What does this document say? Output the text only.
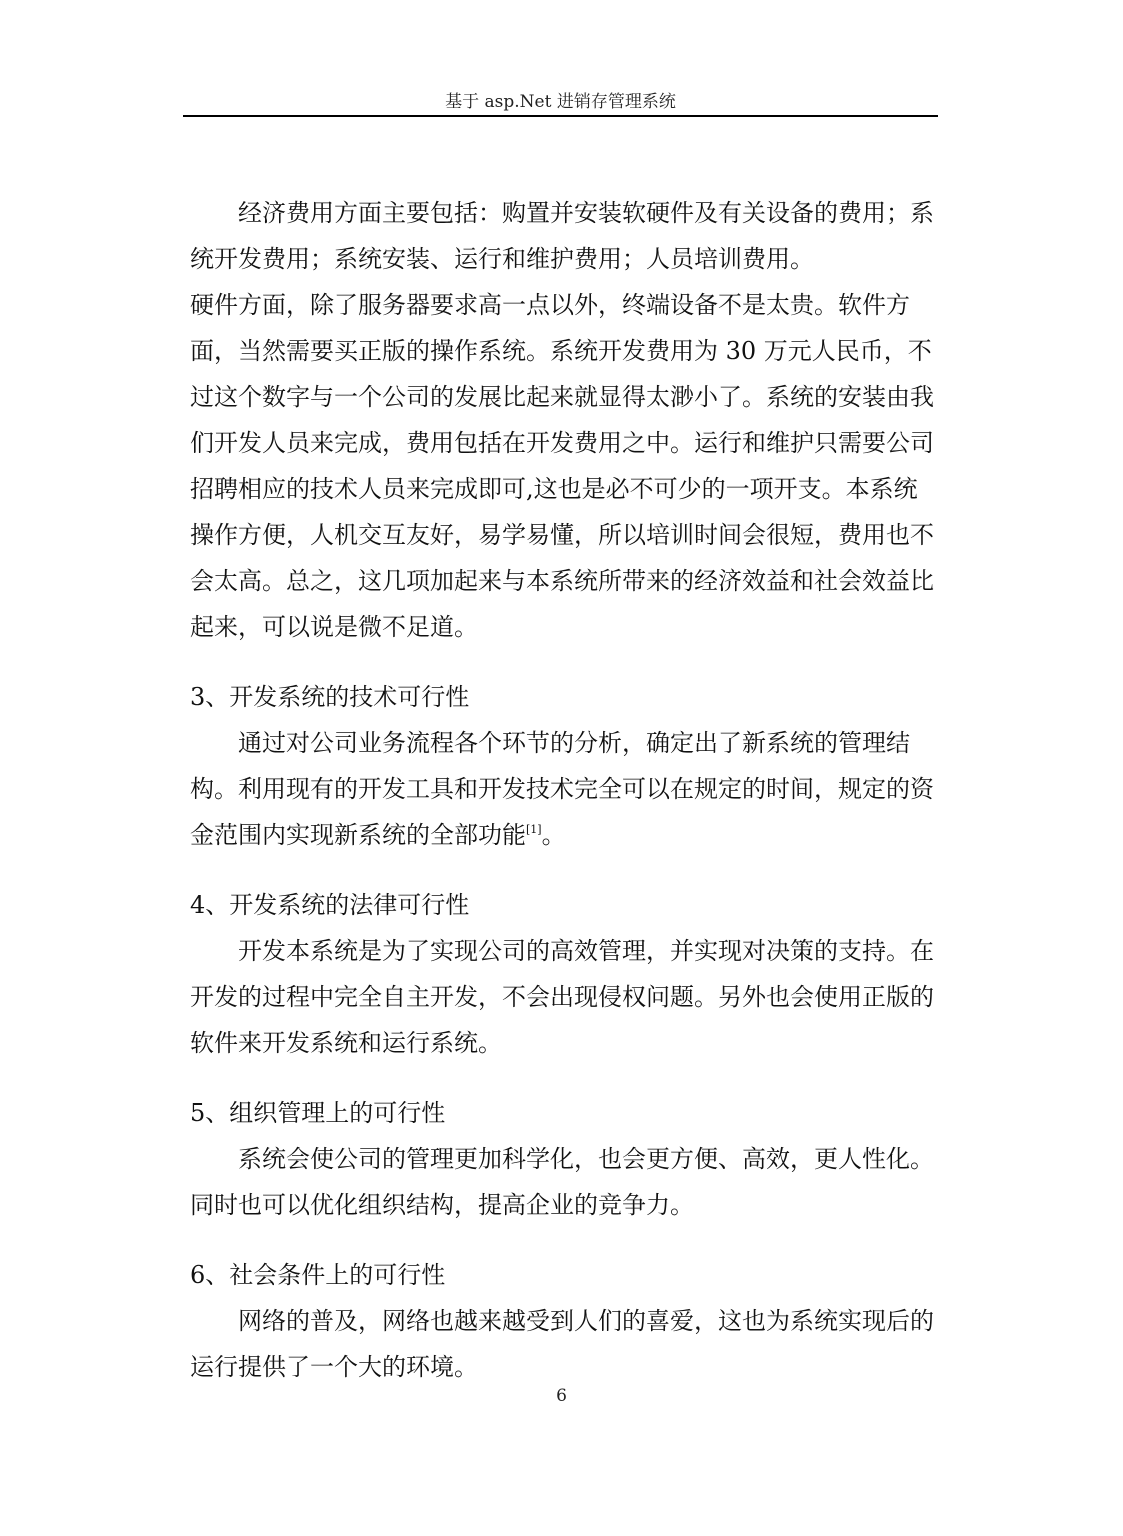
基于 asp.Net 进销存管理系统

经济费用方面主要包括：购置并安装软硬件及有关设备的费用；系统开发费用；系统安装、运行和维护费用；人员培训费用。

硬件方面，除了服务器要求高一点以外，终端设备不是太贵。软件方面，当然需要买正版的操作系统。系统开发费用为 30 万元人民币，不过这个数字与一个公司的发展比起来就显得太渺小了。系统的安装由我们开发人员来完成，费用包括在开发费用之中。运行和维护只需要公司招聘相应的技术人员来完成即可,这也是必不可少的一项开支。本系统操作方便，人机交互友好，易学易懂，所以培训时间会很短，费用也不会太高。总之，这几项加起来与本系统所带来的经济效益和社会效益比起来，可以说是微不足道。

3、开发系统的技术可行性

通过对公司业务流程各个环节的分析，确定出了新系统的管理结构。利用现有的开发工具和开发技术完全可以在规定的时间，规定的资金范围内实现新系统的全部功能[1]。

4、开发系统的法律可行性

开发本系统是为了实现公司的高效管理，并实现对决策的支持。在开发的过程中完全自主开发，不会出现侵权问题。另外也会使用正版的软件来开发系统和运行系统。

5、组织管理上的可行性

系统会使公司的管理更加科学化，也会更方便、高效，更人性化。同时也可以优化组织结构，提高企业的竞争力。

6、社会条件上的可行性

网络的普及，网络也越来越受到人们的喜爱，这也为系统实现后的运行提供了一个大的环境。

6
